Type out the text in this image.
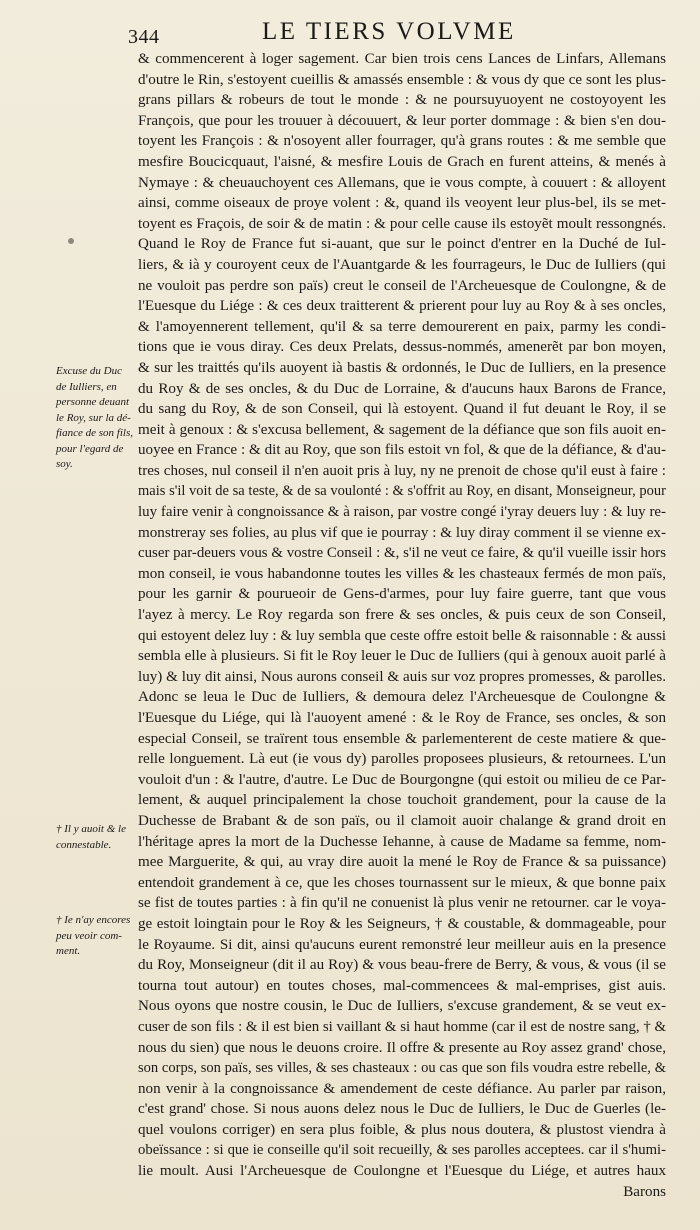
344	LE TIERS VOLVME
Excuse du Duc
de Iulliers, en
personne deuant
le Roy, sur la dé-
fiance de son fils,
pour l'egard de
soy.
† Il y auoit & le
connestable.
† Ie n'ay encores
peu veoir com-
ment.
& commencerent à loger sagement. Car bien trois cens Lances de Linfars, Allemans
d'outre le Rin, s'estoyent cueillis & amassés ensemble : & vous dy que ce sont les plus-
grans pillars & robeurs de tout le monde : & ne poursuyuoyent ne costoyoyent les
François, que pour les trouuer à découuert, & leur porter dommage : & bien s'en dou-
toyent les François : & n'osoyent aller fourrager, qu'à grans routes : & me semble que
mesfire Boucicquaut, l'aisné, & mesfire Louis de Grach en furent atteins, & menés à
Nymaye : & cheuauchoyent ces Allemans, que ie vous compte, à couuert : & alloyent
ainsi, comme oiseaux de proye volent : &, quand ils veoyent leur plus-bel, ils se met-
toyent es Fraçois, de soir & de matin : & pour celle cause ils estoyẽt moult ressongnés.
Quand le Roy de France fut si-auant, que sur le poinct d'entrer en la Duché de Iul-
liers, & ià y couroyent ceux de l'Auantgarde & les fourrageurs, le Duc de Iulliers (qui
ne vouloit pas perdre son païs) creut le conseil de l'Archeuesque de Coulongne, & de
l'Euesque du Liége : & ces deux traitterent & prierent pour luy au Roy & à ses oncles,
& l'amoyennerent tellement, qu'il & sa terre demourerent en paix, parmy les condi-
tions que ie vous diray. Ces deux Prelats, dessus-nommés, amenerẽt par bon moyen,
& sur les traittés qu'ils auoyent ià bastis & ordonnés, le Duc de Iulliers, en la presence
du Roy & de ses oncles, & du Duc de Lorraine, & d'aucuns haux Barons de France,
du sang du Roy, & de son Conseil, qui là estoyent. Quand il fut deuant le Roy, il se
meit à genoux : & s'excusa bellement, & sagement de la défiance que son fils auoit en-
uoyee en France : & dit au Roy, que son fils estoit vn fol, & que de la défiance, & d'au-
tres choses, nul conseil il n'en auoit pris à luy, ny ne prenoit de chose qu'il eust à faire :
mais s'il voit de sa teste, & de sa voulonté : & s'offrit au Roy, en disant, Monseigneur, pour
luy faire venir à congnoissance & à raison, par vostre congé i'yray deuers luy : & luy re-
monstreray ses folies, au plus vif que ie pourray : & luy diray comment il se vienne ex-
cuser par-deuers vous & vostre Conseil : &, s'il ne veut ce faire, & qu'il vueille issir hors
mon conseil, ie vous habandonne toutes les villes & les chasteaux fermés de mon païs,
pour les garnir & pourueoir de Gens-d'armes, pour luy faire guerre, tant que vous
l'ayez à mercy. Le Roy regarda son frere & ses oncles, & puis ceux de son Conseil,
qui estoyent delez luy : & luy sembla que ceste offre estoit belle & raisonnable : & aussi
sembla elle à plusieurs. Si fit le Roy leuer le Duc de Iulliers (qui à genoux auoit parlé à
luy) & luy dit ainsi, Nous aurons conseil & auis sur voz propres promesses, & parolles.
Adonc se leua le Duc de Iulliers, & demoura delez l'Archeuesque de Coulongne &
l'Euesque du Liége, qui là l'auoyent amené : & le Roy de France, ses oncles, & son
especial Conseil, se traïrent tous ensemble & parlementerent de ceste matiere & que-
relle longuement. Là eut (ie vous dy) parolles proposees plusieurs, & retournees. L'un
vouloit d'un : & l'autre, d'autre. Le Duc de Bourgongne (qui estoit ou milieu de ce Par-
lement, & auquel principalement la chose touchoit grandement, pour la cause de la
Duchesse de Brabant & de son païs, ou il clamoit auoir chalange & grand droit en
l'héritage apres la mort de la Duchesse Iehanne, à cause de Madame sa femme, nom-
mee Marguerite, & qui, au vray dire auoit la mené le Roy de France & sa puissance)
entendoit grandement à ce, que les choses tournassent sur le mieux, & que bonne paix
se fist de toutes parties : à fin qu'il ne conuenist là plus venir ne retourner. car le voya-
ge estoit loingtain pour le Roy & les Seigneurs, † & coustable, & dommageable, pour
le Royaume. Si dit, ainsi qu'aucuns eurent remonstré leur meilleur auis en la presence
du Roy, Monseigneur (dit il au Roy) & vous beau-frere de Berry, & vous, & vous (il se
tourna tout autour) en toutes choses, mal-commencees & mal-emprises, gist auis.
Nous oyons que nostre cousin, le Duc de Iulliers, s'excuse grandement, & se veut ex-
cuser de son fils : & il est bien si vaillant & si haut homme (car il est de nostre sang, † &
nous du sien) que nous le deuons croire. Il offre & presente au Roy assez grand' chose,
son corps, son païs, ses villes, & ses chasteaux : ou cas que son fils voudra estre rebelle, &
non venir à la congnoissance & amendement de ceste défiance. Au parler par raison,
c'est grand' chose. Si nous auons delez nous le Duc de Iulliers, le Duc de Guerles (le-
quel voulons corriger) en sera plus foible, & plus nous doutera, & plustost viendra à
obeïssance : si que ie conseille qu'il soit recueilly, & ses parolles acceptees. car il s'humi-
lie moult. Ausi l'Archeuesque de Coulongne et l'Euesque du Liége, et autres haux
Barons
